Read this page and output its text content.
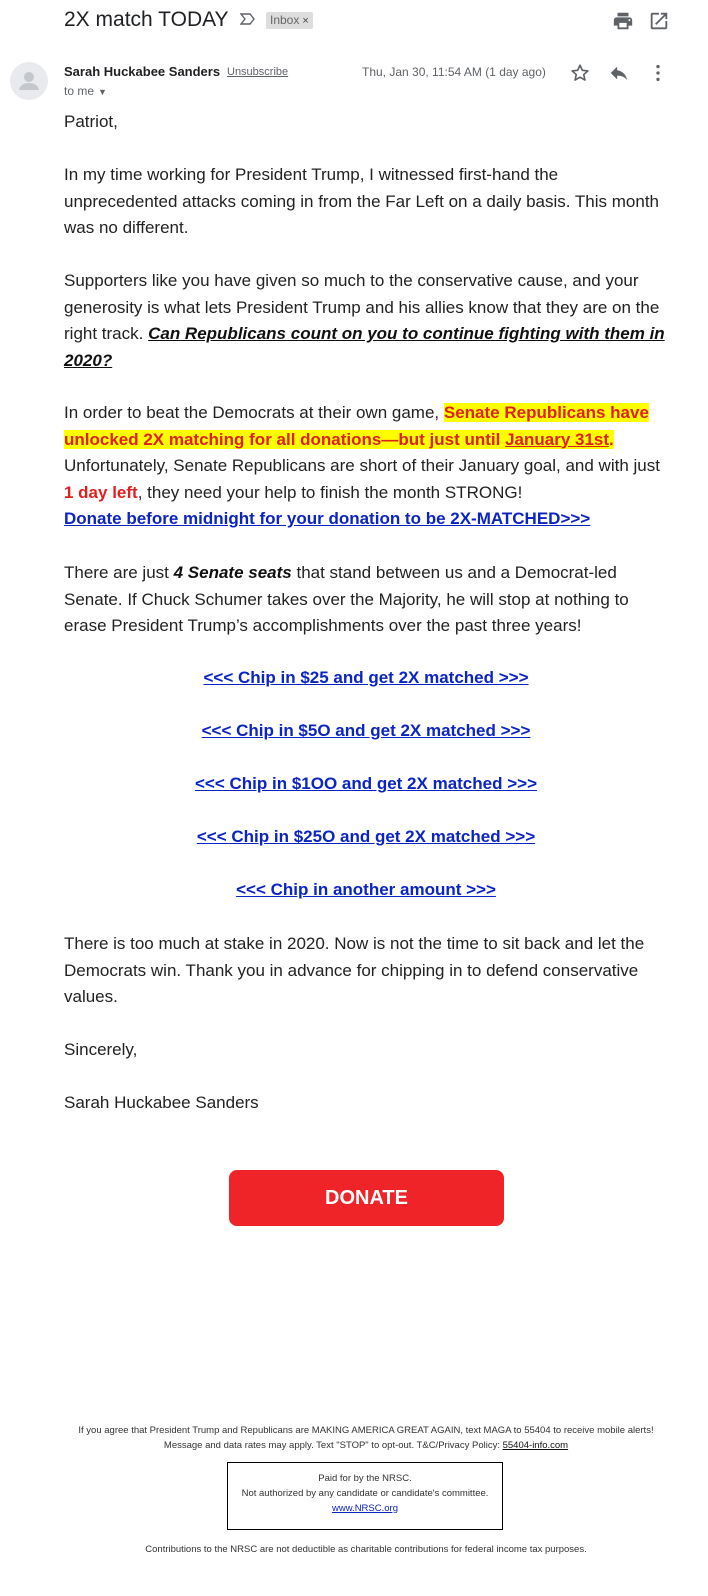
2X match TODAY	Inbox ×
Sarah Huckabee Sanders Unsubscribe
to me ▼
Thu, Jan 30, 11:54 AM (1 day ago)
Patriot,
In my time working for President Trump, I witnessed first-hand the unprecedented attacks coming in from the Far Left on a daily basis. This month was no different.
Supporters like you have given so much to the conservative cause, and your generosity is what lets President Trump and his allies know that they are on the right track. Can Republicans count on you to continue fighting with them in 2020?
In order to beat the Democrats at their own game, Senate Republicans have unlocked 2X matching for all donations—but just until January 31st. Unfortunately, Senate Republicans are short of their January goal, and with just 1 day left, they need your help to finish the month STRONG!
Donate before midnight for your donation to be 2X-MATCHED>>>
There are just 4 Senate seats that stand between us and a Democrat-led Senate. If Chuck Schumer takes over the Majority, he will stop at nothing to erase President Trump’s accomplishments over the past three years!
<<< Chip in $25 and get 2X matched >>>
<<< Chip in $5O and get 2X matched >>>
<<< Chip in $1OO and get 2X matched >>>
<<< Chip in $25O and get 2X matched >>>
<<< Chip in another amount >>>
There is too much at stake in 2020. Now is not the time to sit back and let the Democrats win. Thank you in advance for chipping in to defend conservative values.
Sincerely,
Sarah Huckabee Sanders
DONATE
If you agree that President Trump and Republicans are MAKING AMERICA GREAT AGAIN, text MAGA to 55404 to receive mobile alerts!
Message and data rates may apply. Text "STOP" to opt-out. T&C/Privacy Policy: 55404-info.com
Paid for by the NRSC.
Not authorized by any candidate or candidate's committee.
www.NRSC.org
Contributions to the NRSC are not deductible as charitable contributions for federal income tax purposes.
